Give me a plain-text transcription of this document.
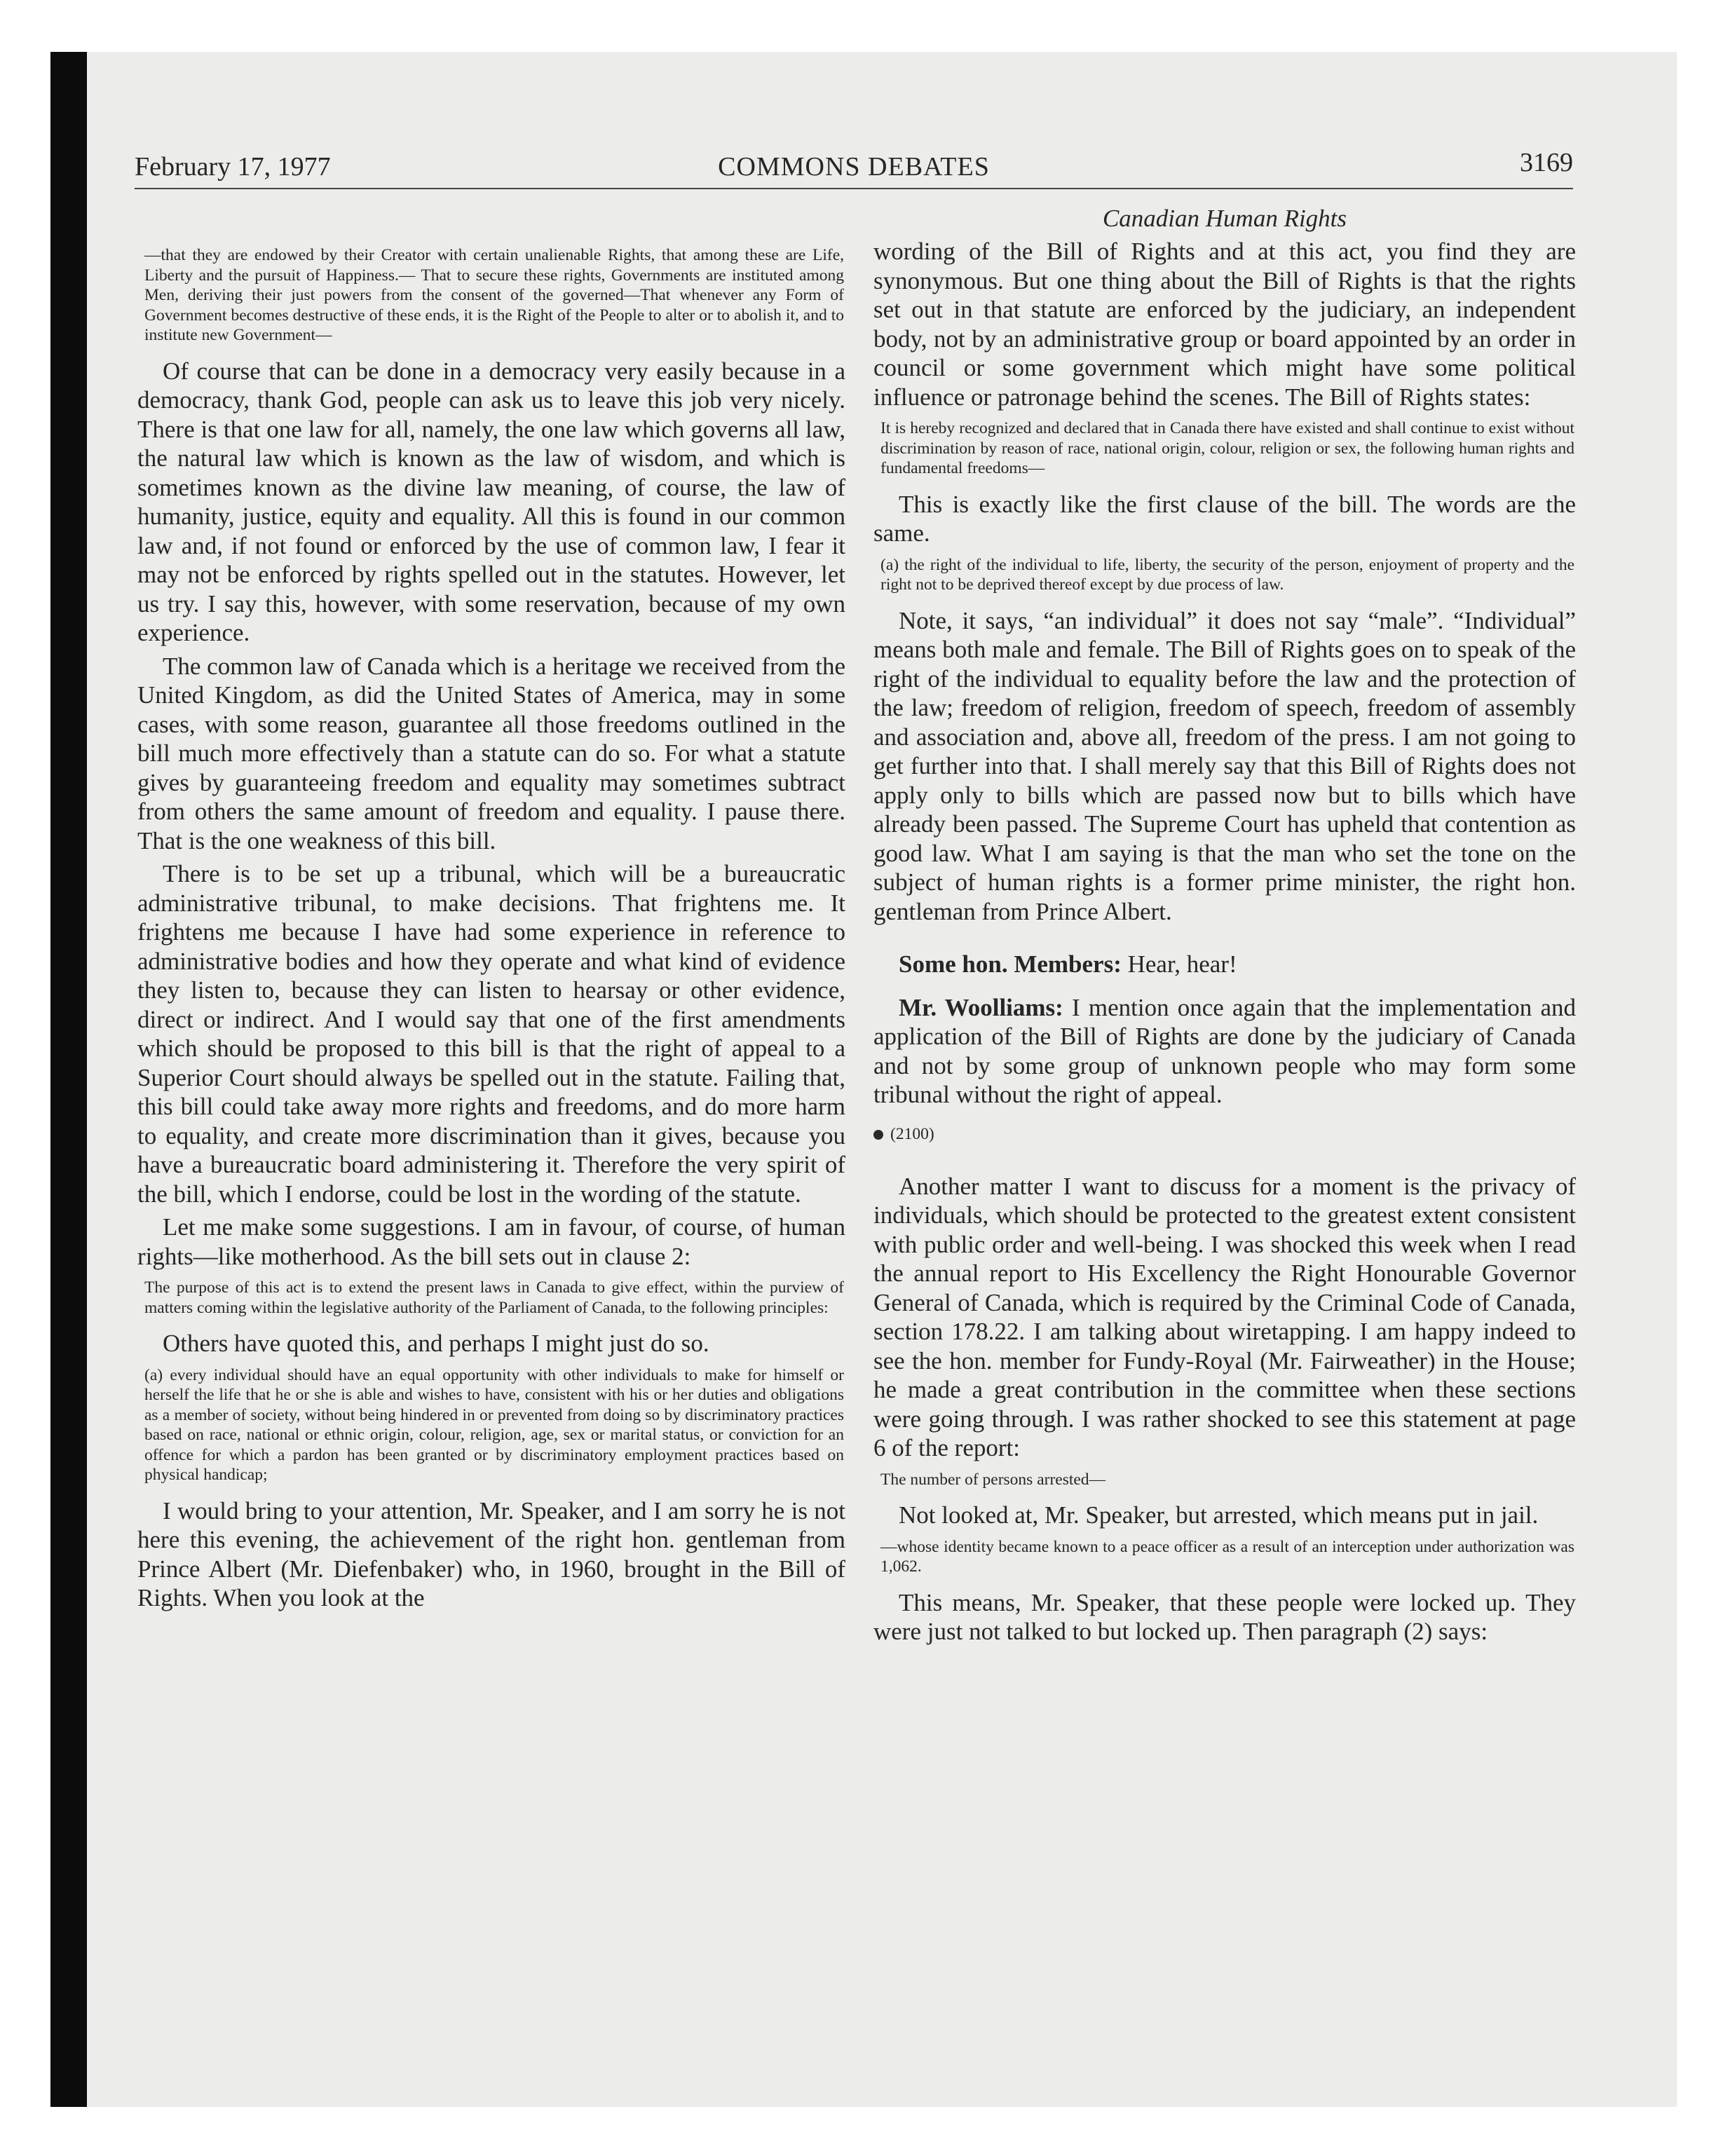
February 17, 1977	COMMONS DEBATES	3169
—that they are endowed by their Creator with certain unalienable Rights, that among these are Life, Liberty and the pursuit of Happiness.— That to secure these rights, Governments are instituted among Men, deriving their just powers from the consent of the governed—That whenever any Form of Government becomes destructive of these ends, it is the Right of the People to alter or to abolish it, and to institute new Government—

Of course that can be done in a democracy very easily because in a democracy, thank God, people can ask us to leave this job very nicely. There is that one law for all, namely, the one law which governs all law, the natural law which is known as the law of wisdom, and which is sometimes known as the divine law meaning, of course, the law of humanity, justice, equity and equality. All this is found in our common law and, if not found or enforced by the use of common law, I fear it may not be enforced by rights spelled out in the statutes. However, let us try. I say this, however, with some reservation, because of my own experience.

The common law of Canada which is a heritage we received from the United Kingdom, as did the United States of America, may in some cases, with some reason, guarantee all those freedoms outlined in the bill much more effectively than a statute can do so. For what a statute gives by guaranteeing freedom and equality may sometimes subtract from others the same amount of freedom and equality. I pause there. That is the one weakness of this bill.

There is to be set up a tribunal, which will be a bureaucratic administrative tribunal, to make decisions. That frightens me. It frightens me because I have had some experience in reference to administrative bodies and how they operate and what kind of evidence they listen to, because they can listen to hearsay or other evidence, direct or indirect. And I would say that one of the first amendments which should be proposed to this bill is that the right of appeal to a Superior Court should always be spelled out in the statute. Failing that, this bill could take away more rights and freedoms, and do more harm to equality, and create more discrimination than it gives, because you have a bureaucratic board administering it. Therefore the very spirit of the bill, which I endorse, could be lost in the wording of the statute.

Let me make some suggestions. I am in favour, of course, of human rights—like motherhood. As the bill sets out in clause 2:

The purpose of this act is to extend the present laws in Canada to give effect, within the purview of matters coming within the legislative authority of the Parliament of Canada, to the following principles:

Others have quoted this, and perhaps I might just do so.

(a) every individual should have an equal opportunity with other individuals to make for himself or herself the life that he or she is able and wishes to have, consistent with his or her duties and obligations as a member of society, without being hindered in or prevented from doing so by discriminatory practices based on race, national or ethnic origin, colour, religion, age, sex or marital status, or conviction for an offence for which a pardon has been granted or by discriminatory employment practices based on physical handicap;

I would bring to your attention, Mr. Speaker, and I am sorry he is not here this evening, the achievement of the right hon. gentleman from Prince Albert (Mr. Diefenbaker) who, in 1960, brought in the Bill of Rights. When you look at the

Canadian Human Rights

wording of the Bill of Rights and at this act, you find they are synonymous. But one thing about the Bill of Rights is that the rights set out in that statute are enforced by the judiciary, an independent body, not by an administrative group or board appointed by an order in council or some government which might have some political influence or patronage behind the scenes. The Bill of Rights states:

It is hereby recognized and declared that in Canada there have existed and shall continue to exist without discrimination by reason of race, national origin, colour, religion or sex, the following human rights and fundamental freedoms—

This is exactly like the first clause of the bill. The words are the same.

(a) the right of the individual to life, liberty, the security of the person, enjoyment of property and the right not to be deprived thereof except by due process of law.

Note, it says, “an individual” it does not say “male”. “Individual” means both male and female. The Bill of Rights goes on to speak of the right of the individual to equality before the law and the protection of the law; freedom of religion, freedom of speech, freedom of assembly and association and, above all, freedom of the press. I am not going to get further into that. I shall merely say that this Bill of Rights does not apply only to bills which are passed now but to bills which have already been passed. The Supreme Court has upheld that contention as good law. What I am saying is that the man who set the tone on the subject of human rights is a former prime minister, the right hon. gentleman from Prince Albert.

Some hon. Members: Hear, hear!

Mr. Woolliams: I mention once again that the implementation and application of the Bill of Rights are done by the judiciary of Canada and not by some group of unknown people who may form some tribunal without the right of appeal.

(2100)

Another matter I want to discuss for a moment is the privacy of individuals, which should be protected to the greatest extent consistent with public order and well-being. I was shocked this week when I read the annual report to His Excellency the Right Honourable Governor General of Canada, which is required by the Criminal Code of Canada, section 178.22. I am talking about wiretapping. I am happy indeed to see the hon. member for Fundy-Royal (Mr. Fairweather) in the House; he made a great contribution in the committee when these sections were going through. I was rather shocked to see this statement at page 6 of the report:

The number of persons arrested—

Not looked at, Mr. Speaker, but arrested, which means put in jail.

—whose identity became known to a peace officer as a result of an interception under authorization was 1,062.

This means, Mr. Speaker, that these people were locked up. They were just not talked to but locked up. Then paragraph (2) says:
